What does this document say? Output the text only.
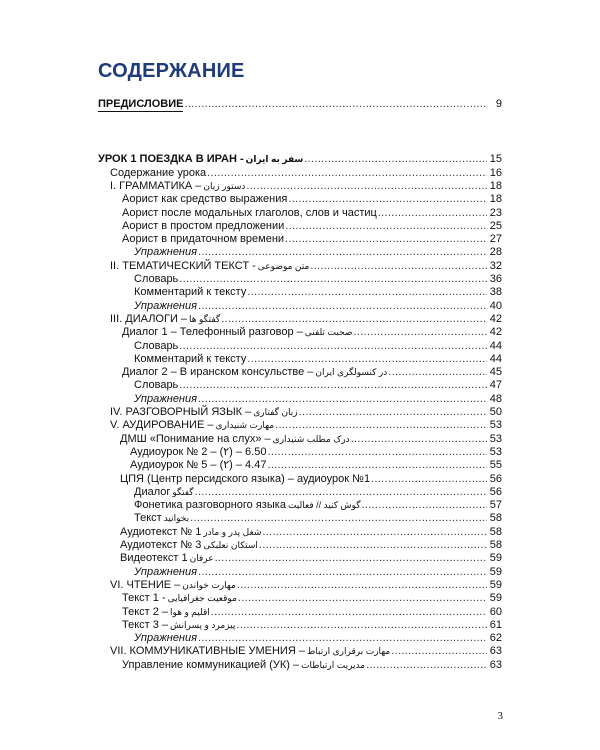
СОДЕРЖАНИЕ
ПРЕДИСЛОВИЕ .....	9
УРОК 1 ПОЕЗДКА В ИРАН - سفر به ایران .....	15
Содержание урока .....	16
I. ГРАММАТИКА – دستور زبان .....	18
Аорист как средство выражения .....	18
Аорист после модальных глаголов, слов и частиц .....	23
Аорист в простом предложении .....	25
Аорист в придаточном времени .....	27
Упражнения .....	28
II. ТЕМАТИЧЕСКИЙ ТЕКСТ - متن موضوعی .....	32
Словарь .....	36
Комментарий к тексту .....	38
Упражнения .....	40
III. ДИАЛОГИ – گفتگو ها .....	42
Диалог 1 – Телефонный разговор – صحبت تلفنی .....	42
Словарь .....	44
Комментарий к тексту .....	44
Диалог 2 – В иранском консульстве – در کنسولگری ایران .....	45
Словарь .....	47
Упражнения .....	48
IV. РАЗГОВОРНЫЙ ЯЗЫК – زبان گفتاری .....	50
V. АУДИРОВАНИЕ – مهارت شنیداری .....	53
ДМШ «Понимание на слух» – درک مطلب شنیداری .....	53
Аудиоурок № 2 – (۲) – 6.50 .....	53
Аудиоурок № 5 – (۲) – 4.47 .....	55
ЦПЯ (Центр персидского языка) – аудиоурок №1 .....	56
Диалог گفتگو .....	56
Фонетика разговорного языка گوش کنید // فعالیت .....	57
Текст بخوانید .....	58
Аудиотекст № 1 شغل پدر و مادر .....	58
Аудиотекст № 3 استکان نعلبکی .....	58
Видеотекст 1 عرفان .....	59
Упражнения .....	59
VI. ЧТЕНИЕ – مهارت خواندن .....	59
Текст 1 - موقعیت جغرافیایی .....	59
Текст 2 – اقلیم و هوا .....	60
Текст 3 – پیزمرد و پسرانش .....	61
Упражнения .....	62
VII. КОММУНИКАТИВНЫЕ УМЕНИЯ – مهارت برقراری ارتباط .....	63
Управление коммуникацией (УК) – مدیریت ارتباطات .....	63
3
